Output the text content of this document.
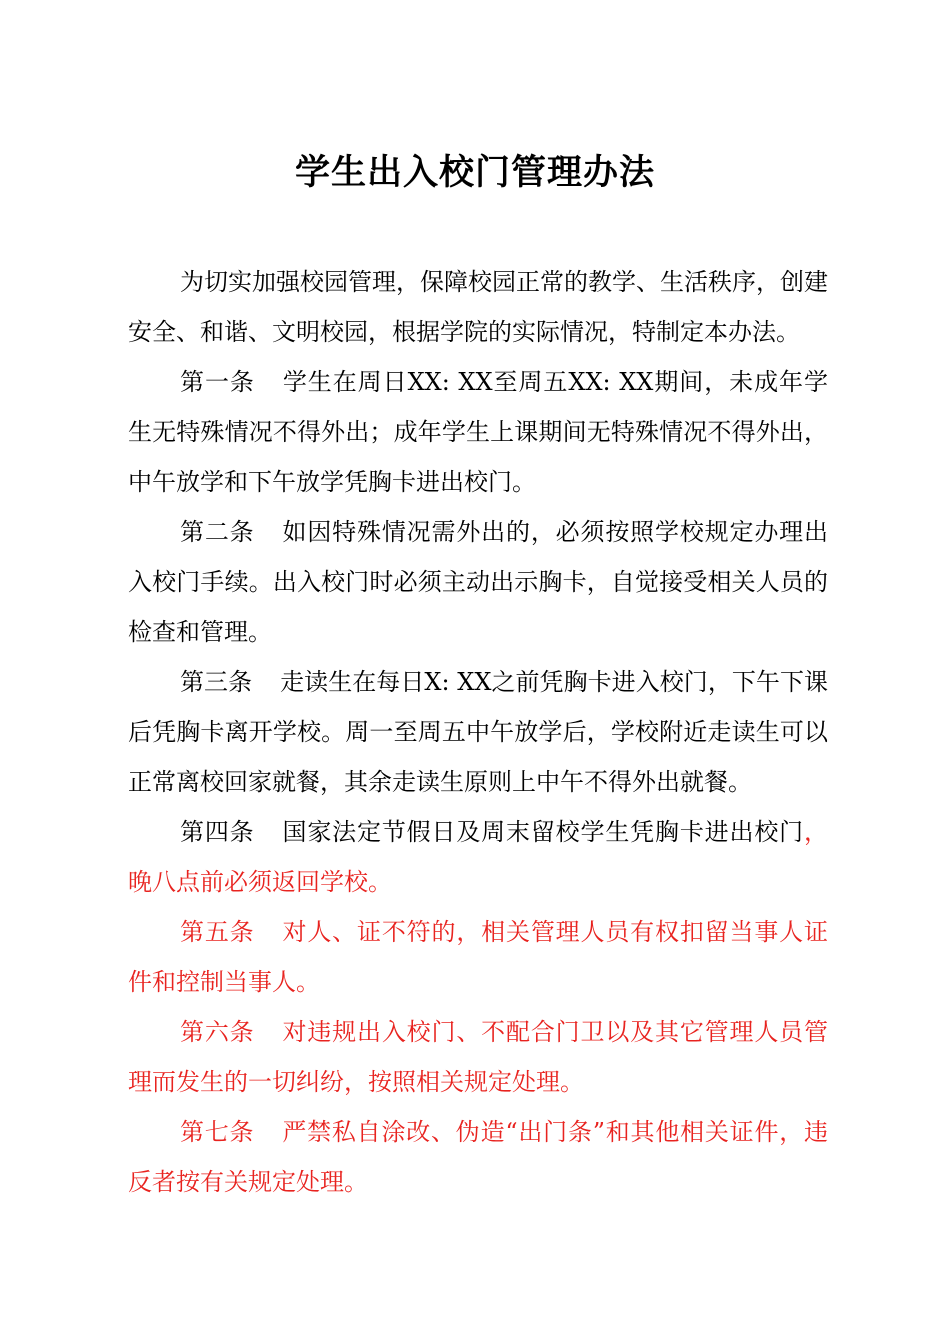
学生出入校门管理办法

为切实加强校园管理，保障校园正常的教学、生活秩序，创建安全、和谐、文明校园，根据学院的实际情况，特制定本办法。

第一条 学生在周日XX: XX至周五XX: XX期间，未成年学生无特殊情况不得外出；成年学生上课期间无特殊情况不得外出，中午放学和下午放学凭胸卡进出校门。

第二条 如因特殊情况需外出的，必须按照学校规定办理出入校门手续。出入校门时必须主动出示胸卡，自觉接受相关人员的检查和管理。

第三条 走读生在每日X: XX之前凭胸卡进入校门，下午下课后凭胸卡离开学校。周一至周五中午放学后，学校附近走读生可以正常离校回家就餐，其余走读生原则上中午不得外出就餐。

第四条 国家法定节假日及周末留校学生凭胸卡进出校门，晚八点前必须返回学校。

第五条 对人、证不符的，相关管理人员有权扣留当事人证件和控制当事人。

第六条 对违规出入校门、不配合门卫以及其它管理人员管理而发生的一切纠纷，按照相关规定处理。

第七条 严禁私自涂改、伪造“出门条”和其他相关证件，违反者按有关规定处理。
